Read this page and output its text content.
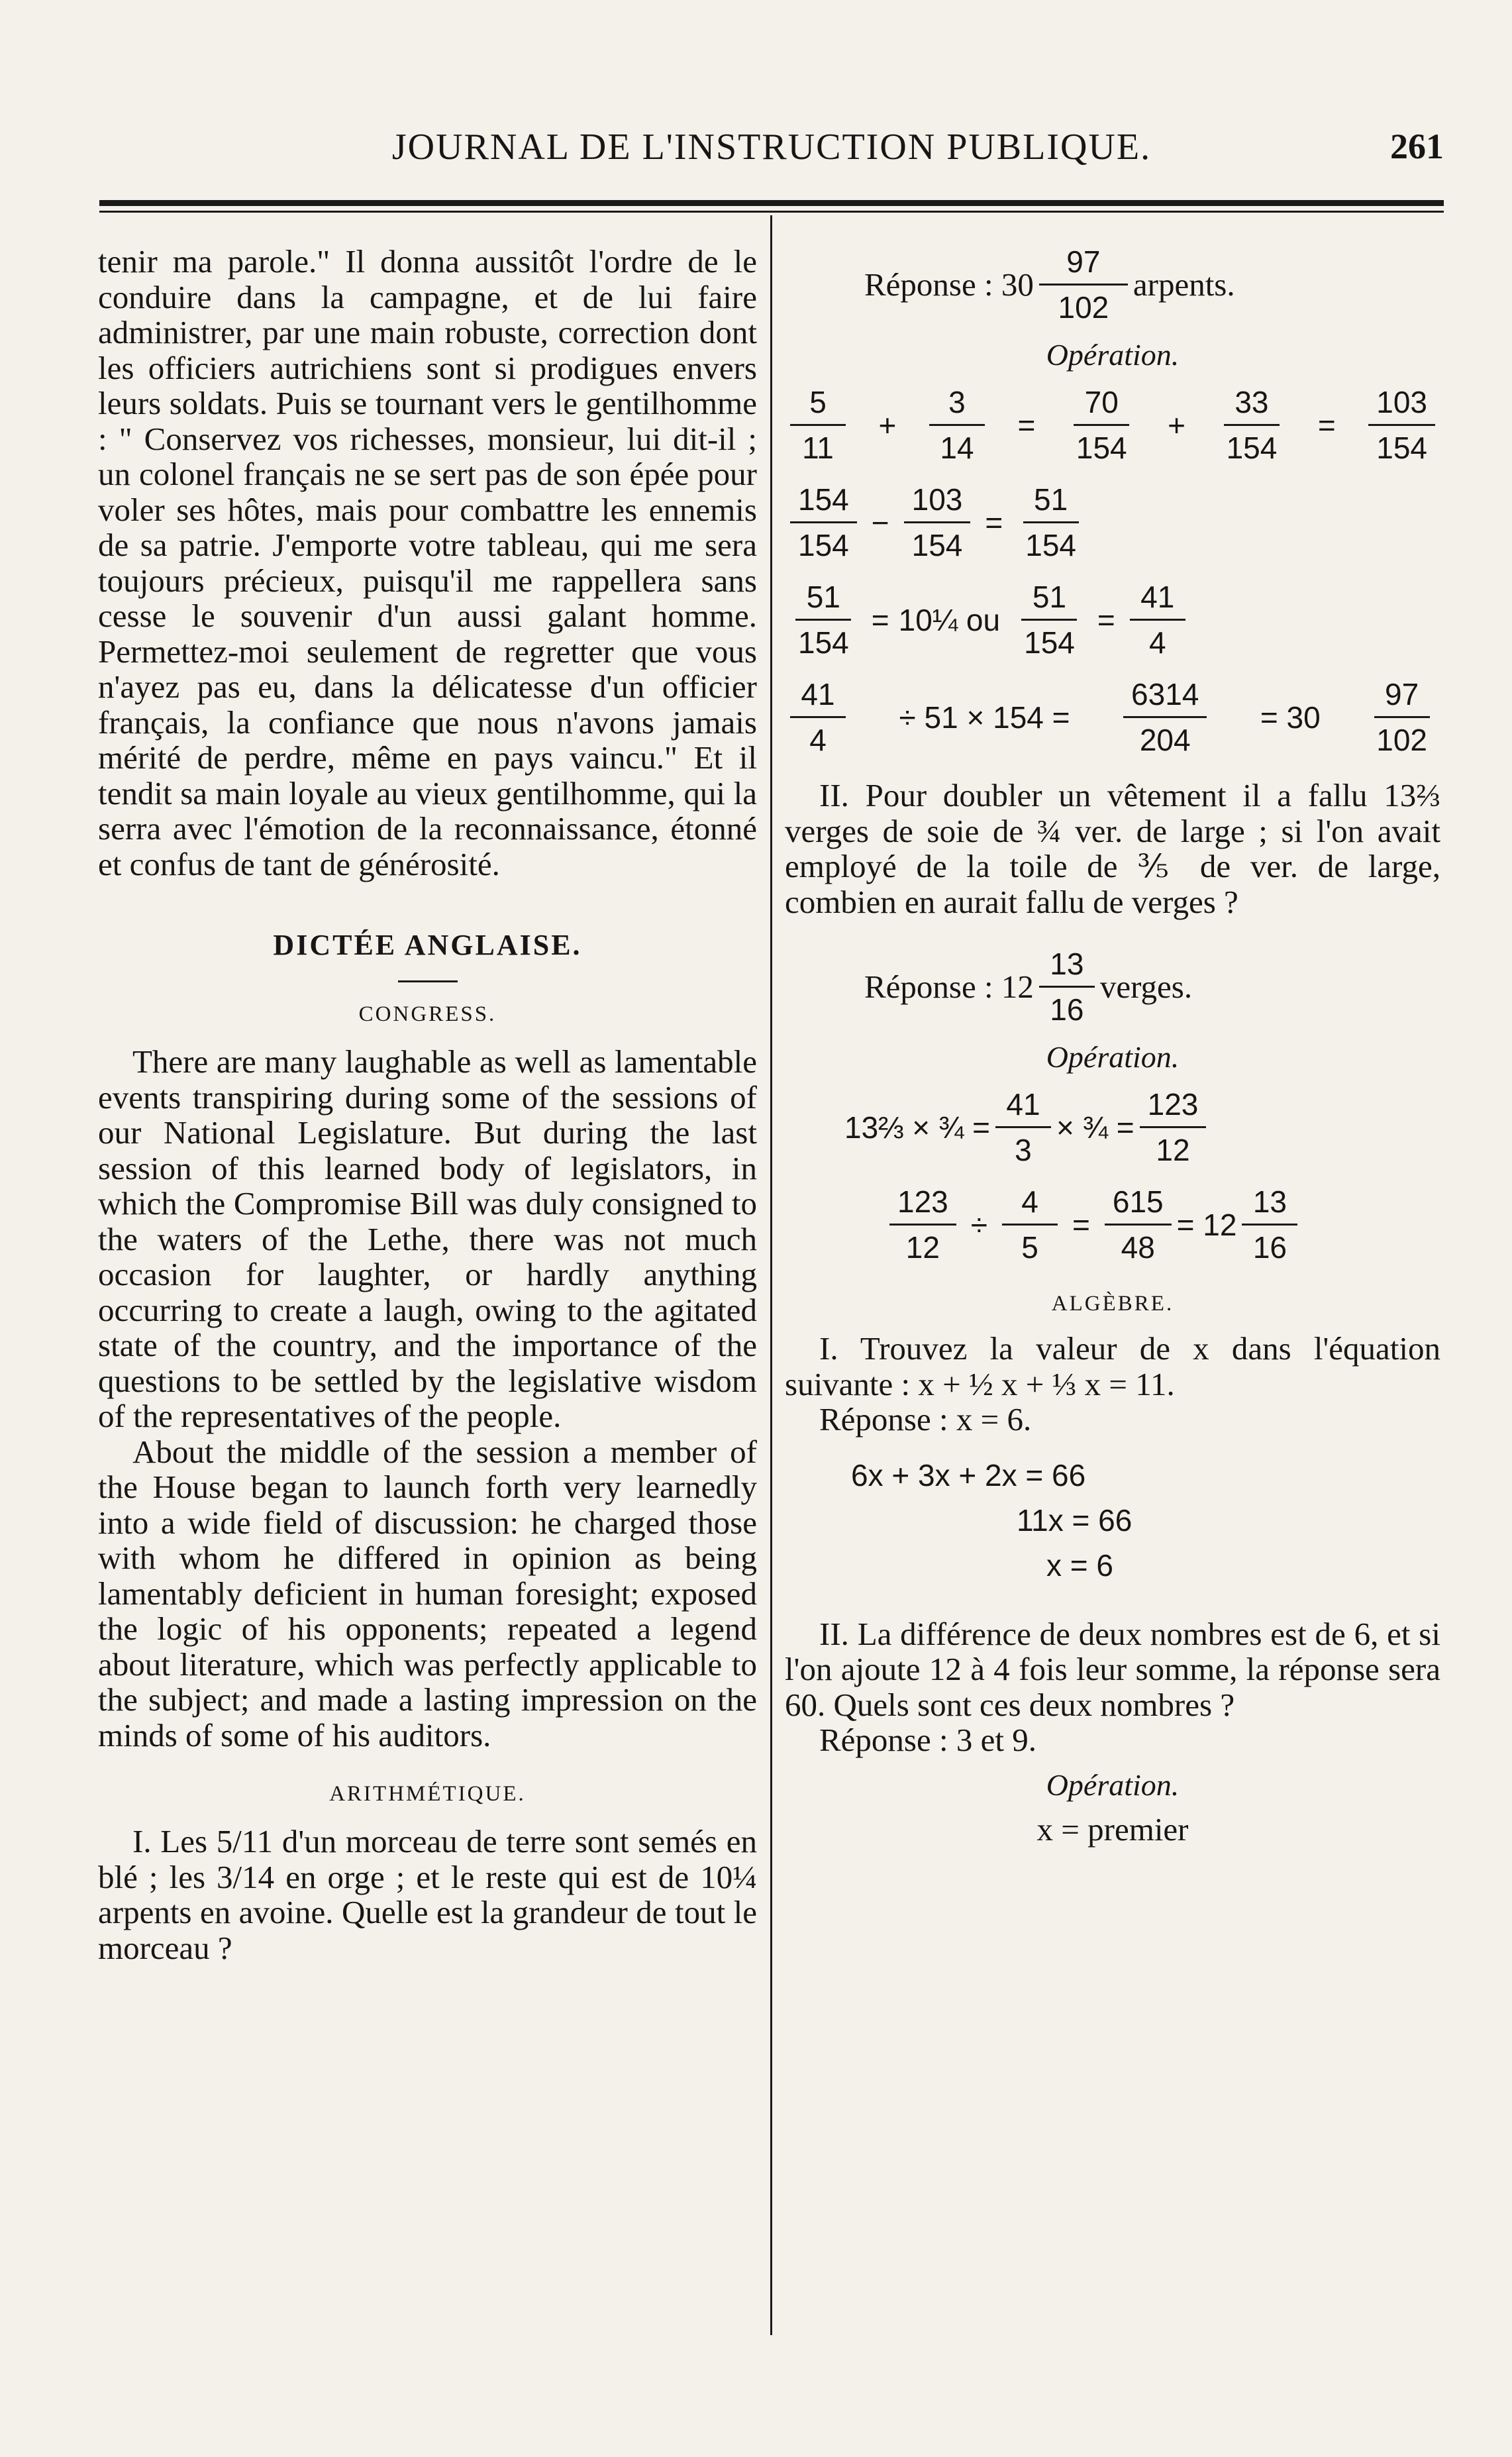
JOURNAL DE L'INSTRUCTION PUBLIQUE.	261

tenir ma parole." Il donna aussitôt l'ordre de le conduire dans la campagne, et de lui faire administrer, par une main robuste, correction dont les officiers autrichiens sont si prodigues envers leurs soldats. Puis se tournant vers le gentilhomme : " Conservez vos richesses, monsieur, lui dit-il ; un colonel français ne se sert pas de son épée pour voler ses hôtes, mais pour combattre les ennemis de sa patrie. J'emporte votre tableau, qui me sera toujours précieux, puisqu'il me rappellera sans cesse le souvenir d'un aussi galant homme. Permettez-moi seulement de regretter que vous n'ayez pas eu, dans la délicatesse d'un officier français, la confiance que nous n'avons jamais mérité de perdre, même en pays vaincu." Et il tendit sa main loyale au vieux gentilhomme, qui la serra avec l'émotion de la reconnaissance, étonné et confus de tant de générosité.

DICTÉE ANGLAISE.

CONGRESS.

There are many laughable as well as lamentable events transpiring during some of the sessions of our National Legislature. But during the last session of this learned body of legislators, in which the Compromise Bill was duly consigned to the waters of the Lethe, there was not much occasion for laughter, or hardly anything occurring to create a laugh, owing to the agitated state of the country, and the importance of the questions to be settled by the legislative wisdom of the representatives of the people.

About the middle of the session a member of the House began to launch forth very learnedly into a wide field of discussion: he charged those with whom he differed in opinion as being lamentably deficient in human foresight; exposed the logic of his opponents; repeated a legend about literature, which was perfectly applicable to the subject; and made a lasting impression on the minds of some of his auditors.

ARITHMÉTIQUE.

I. Les 5/11 d'un morceau de terre sont semés en blé ; les 3/14 en orge ; et le reste qui est de 10¼ arpents en avoine. Quelle est la grandeur de tout le morceau ?

Réponse : $30 \frac{97}{102}$ arpents.

Opération.

$\frac{5}{11} + \frac{3}{14} = \frac{70}{154} + \frac{33}{154} = \frac{103}{154}$
$\frac{154}{154} - \frac{103}{154} = \frac{51}{154}$
$\frac{51}{154}$ = 10¼ ou $\frac{51}{154} = \frac{41}{4}$
$\frac{41}{4} \div 51 \times 154 = \frac{6314}{204} = 30 \frac{97}{102}$

II. Pour doubler un vêtement il a fallu 13⅔ verges de soie de ¾ ver. de large ; si l'on avait employé de la toile de ⅗ de ver. de large, combien en aurait fallu de verges ?

Réponse : $12 \frac{13}{16}$ verges.

Opération.

13⅔ × ¾ = $\frac{41}{3}$ × ¾ = $\frac{123}{12}$
$\frac{123}{12} \div \frac{4}{5} = \frac{615}{48} = 12 \frac{13}{16}$

ALGÈBRE.

I. Trouvez la valeur de x dans l'équation suivante : x + ½ x + ⅓ x = 11.

Réponse : x = 6.

6x + 3x + 2x = 66
11x = 66
x = 6

II. La différence de deux nombres est de 6, et si l'on ajoute 12 à 4 fois leur somme, la réponse sera 60. Quels sont ces deux nombres ?

Réponse : 3 et 9.

Opération.

x = premier
